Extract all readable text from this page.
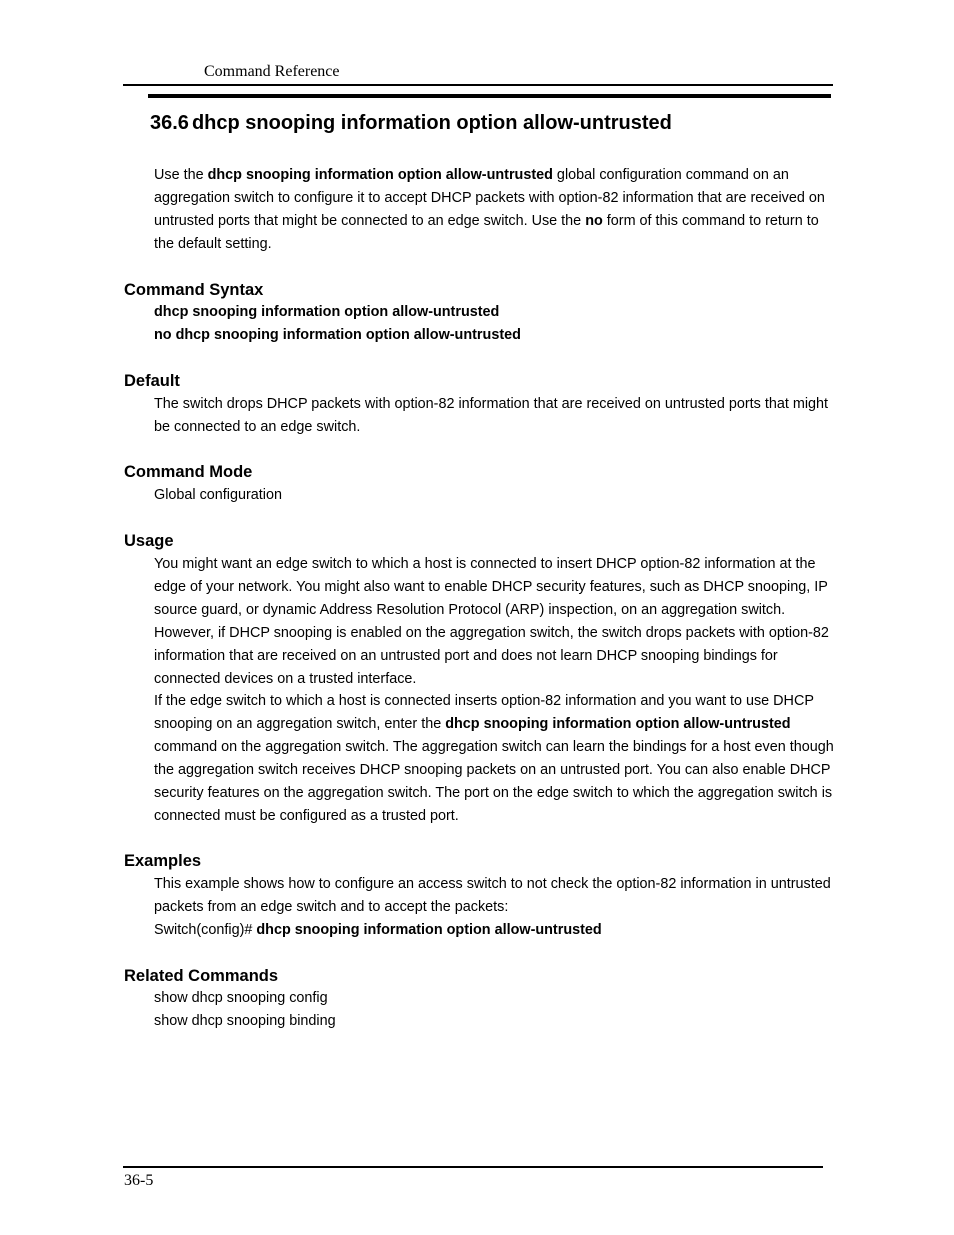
Command Reference
36.6 dhcp snooping information option allow-untrusted

Use the dhcp snooping information option allow-untrusted global configuration command on an aggregation switch to configure it to accept DHCP packets with option-82 information that are received on untrusted ports that might be connected to an edge switch. Use the no form of this command to return to the default setting.

Command Syntax

dhcp snooping information option allow-untrusted

no dhcp snooping information option allow-untrusted

Default

The switch drops DHCP packets with option-82 information that are received on untrusted ports that might be connected to an edge switch.

Command Mode

Global configuration

Usage

You might want an edge switch to which a host is connected to insert DHCP option-82 information at the edge of your network. You might also want to enable DHCP security features, such as DHCP snooping, IP source guard, or dynamic Address Resolution Protocol (ARP) inspection, on an aggregation switch. However, if DHCP snooping is enabled on the aggregation switch, the switch drops packets with option-82 information that are received on an untrusted port and does not learn DHCP snooping bindings for connected devices on a trusted interface.

If the edge switch to which a host is connected inserts option-82 information and you want to use DHCP snooping on an aggregation switch, enter the dhcp snooping information option allow-untrusted command on the aggregation switch. The aggregation switch can learn the bindings for a host even though the aggregation switch receives DHCP snooping packets on an untrusted port. You can also enable DHCP security features on the aggregation switch. The port on the edge switch to which the aggregation switch is connected must be configured as a trusted port.

Examples

This example shows how to configure an access switch to not check the option-82 information in untrusted packets from an edge switch and to accept the packets:

Switch(config)# dhcp snooping information option allow-untrusted

Related Commands

show dhcp snooping config

show dhcp snooping binding

36-5
